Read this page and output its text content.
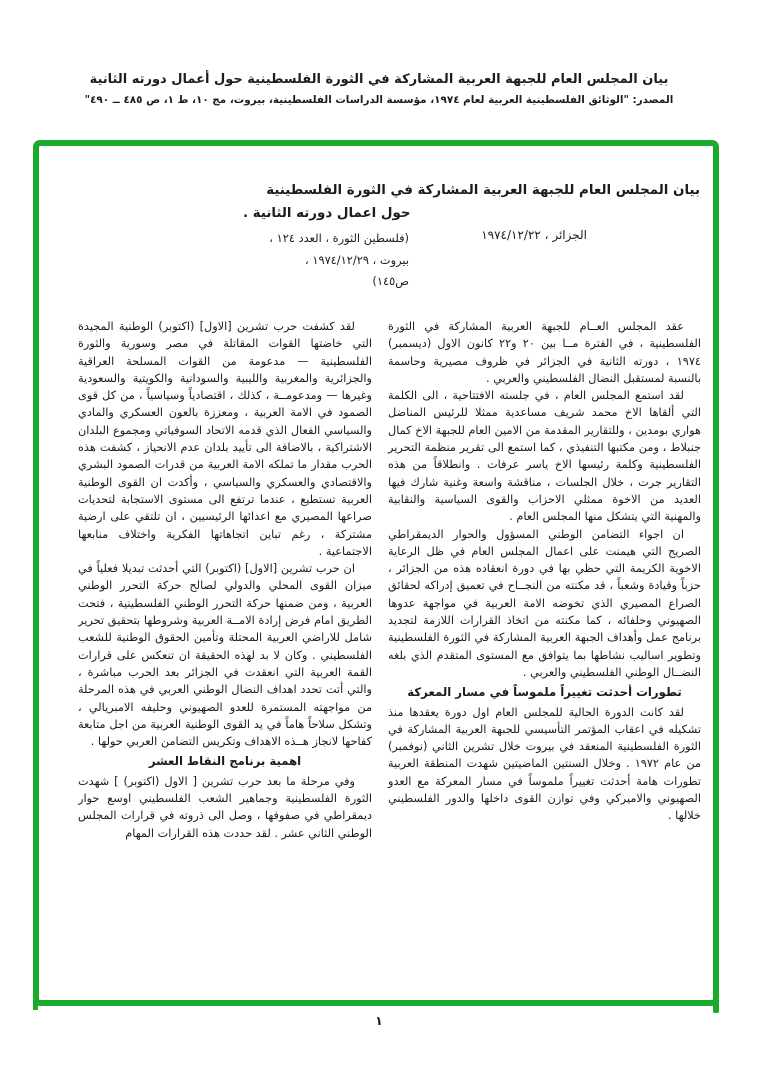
بيان المجلس العام للجبهة العربية المشاركة في الثورة الفلسطينية حول أعمال دورته الثانية
المصدر: "الوثائق الفلسطينية العربية لعام ١٩٧٤، مؤسسة الدراسات الفلسطينية، بيروت، مج ١٠، ط ١، ص ٤٨٥ ــ ٤٩٠"
بيان المجلس العام للجبهة العربية المشاركة في الثورة الفلسطينية
حول اعمال دورته الثانية .
الجزائر ، ١٩٧٤/١٢/٢٢
(فلسطين الثورة ، العدد ١٢٤ ،
بيروت ، ١٩٧٤/١٢/٢٩ ،
ص١٤٥)

عقد المجلس العــام للجبهة العربية المشاركة في الثورة الفلسطينية ، في الفترة مــا بين ٢٠ و٢٢ كانون الاول (ديسمبر) ١٩٧٤ ، دورته الثانية في الجزائر في ظروف مصيرية وحاسمة بالنسبة لمستقبل النضال الفلسطيني والعربي .

لقد استمع المجلس العام ، في جلسته الافتتاحية ، الى الكلمة التي ألقاها الاخ محمد شريف مساعدية ممثلا للرئيس المناضل هواري بومدين ، وللتقارير المقدمة من الامين العام للجبهة الاخ كمال جنبلاط ، ومن مكتبها التنفيذي ، كما استمع الى تقرير منظمة التحرير الفلسطينية وكلمة رئيسها الاخ ياسر عرفات . وانطلاقاً من هذه التقارير جرت ، خلال الجلسات ، مناقشة واسعة وغنية شارك فيها العديد من الاخوة ممثلي الاحزاب والقوى السياسية والنقابية والمهنية التي يتشكل منها المجلس العام .

ان اجواء التضامن الوطني المسؤول والحوار الديمقراطي الصريح التي هيمنت على اعمال المجلس العام في ظل الرعاية الاخوية الكريمة التي حظي بها في دورة انعقاده هذه من الجزائر ، حزباً وقيادة وشعباً ، قد مكنته من النجــاح في تعميق إدراكه لحقائق الصراع المصيري الذي تخوضه الامة العربية في مواجهة عدوها الصهيوني وحلفائه ، كما مكنته من اتخاذ القرارات اللازمة لتجديد برنامج عمل وأهداف الجبهة العربية المشاركة في الثورة الفلسطينية وتطوير اساليب نشاطها بما يتوافق مع المستوى المتقدم الذي بلغه النضــال الوطني الفلسطيني والعربي .

تطورات أحدثت تغييراً ملموساً في مسار المعركة

لقد كانت الدورة الحالية للمجلس العام اول دورة يعقدها منذ تشكيله في اعقاب المؤتمر التأسيسي للجبهة العربية المشاركة في الثورة الفلسطينية المنعقد في بيروت خلال تشرين الثاني (نوفمبر) من عام ١٩٧٢ . وخلال السنتين الماضيتين شهدت المنطقة العربية تطورات هامة أحدثت تغييراً ملموساً في مسار المعركة مع العدو الصهيوني والاميركي وفي توازن القوى داخلها والدور الفلسطيني خلالها .

لقد كشفت حرب تشرين [الاول] (اكتوبر) الوطنية المجيدة التي خاضتها القوات المقاتلة في مصر وسورية والثورة الفلسطينية — مدعومة من القوات المسلحة العراقية والجزائرية والمغربية والليبية والسودانية والكويتية والسعودية وغيرها — ومدعومــة ، كذلك ، اقتصادياً وسياسياً ، من كل قوى الصمود في الامة العربية ، ومعززة بالعون العسكري والمادي والسياسي الفعال الذي قدمه الاتحاد السوفياتي ومجموع البلدان الاشتراكية ، بالاضافة الى تأييد بلدان عدم الانحياز ، كشفت هذه الحرب مقدار ما تملكه الامة العربية من قدرات الصمود البشري والاقتصادي والعسكري والسياسي ، وأكدت ان القوى الوطنية العربية تستطيع ، عندما ترتفع الى مستوى الاستجابة لتحديات صراعها المصيري مع اعدائها الرئيسيين ، ان تلتقي على ارضية مشتركة ، رغم تباين اتجاهاتها الفكرية واختلاف منابعها الاجتماعية .

ان حرب تشرين [الاول] (اكتوبر) التي أحدثت تبديلا فعلياً في ميزان القوى المحلي والدولي لصالح حركة التحرر الوطني العربية ، ومن ضمنها حركة التحرر الوطني الفلسطينية ، فتحت الطريق امام فرض إرادة الامــة العربية وشروطها بتحقيق تحرير شامل للاراضي العربية المحتلة وتأمين الحقوق الوطنية للشعب الفلسطيني . وكان لا بد لهذه الحقيقة ان تنعكس على قرارات القمة العربية التي انعقدت في الجزائر بعد الحرب مباشرة ، والتي أتت تحدد اهداف النضال الوطني العربي في هذه المرحلة من مواجهته المستمرة للعدو الصهيوني وحليفه الامبريالي ، وتشكل سلاحاً هاماً في يد القوى الوطنية العربية من اجل متابعة كفاحها لانجاز هــذه الاهداف وتكريس التضامن العربي حولها .

اهمية برنامج النقاط العشر

وفي مرحلة ما بعد حرب تشرين [ الاول (اكتوبر) ] شهدت الثورة الفلسطينية وجماهير الشعب الفلسطيني اوسع حوار ديمقراطي في صفوفها ، وصل الى ذروته في قرارات المجلس الوطني الثاني عشر . لقد حددت هذه القرارات المهام

١
